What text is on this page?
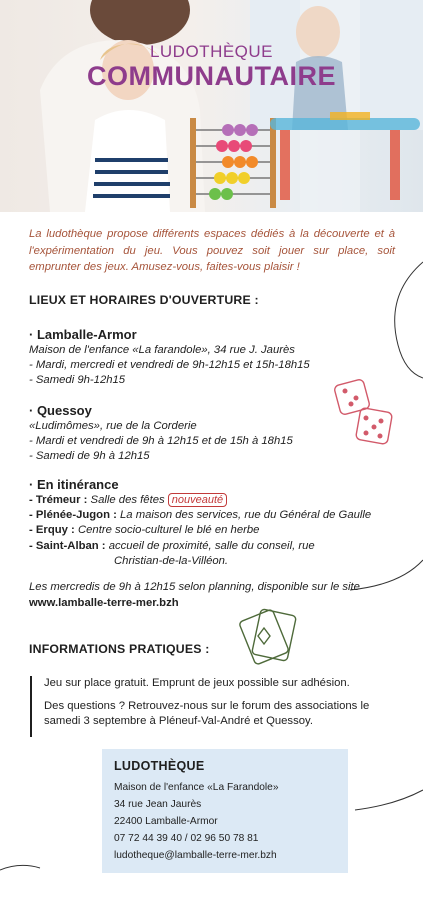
LUDOTHÈQUE
COMMUNAUTAIRE
La ludothèque propose différents espaces dédiés à la découverte et à l'expérimentation du jeu. Vous pouvez soit jouer sur place, soit emprunter des jeux. Amusez-vous, faites-vous plaisir !
LIEUX ET HORAIRES D'OUVERTURE :
· Lamballe-Armor
Maison de l'enfance «La farandole», 34 rue J. Jaurès
- Mardi, mercredi et vendredi de 9h-12h15 et 15h-18h15
- Samedi 9h-12h15
· Quessoy
«Ludimômes», rue de la Corderie
- Mardi et vendredi de 9h à 12h15 et de 15h à 18h15
- Samedi de 9h à 12h15
· En itinérance
- Trémeur : Salle des fêtes nouveauté
- Plénée-Jugon : La maison des services, rue du Général de Gaulle
- Erquy : Centre socio-culturel le blé en herbe
- Saint-Alban : accueil de proximité, salle du conseil, rue
Christian-de-la-Villéon.
Les mercredis de 9h à 12h15 selon planning, disponible sur le site
www.lamballe-terre-mer.bzh
INFORMATIONS PRATIQUES :

Jeu sur place gratuit. Emprunt de jeux possible sur adhésion.

Des questions ? Retrouvez-nous sur le forum des associations le samedi 3 septembre à Pléneuf-Val-André et Quessoy.

LUDOTHÈQUE
Maison de l'enfance «La Farandole»
34 rue Jean Jaurès
22400 Lamballe-Armor
07 72 44 39 40 / 02 96 50 78 81
ludotheque@lamballe-terre-mer.bzh
